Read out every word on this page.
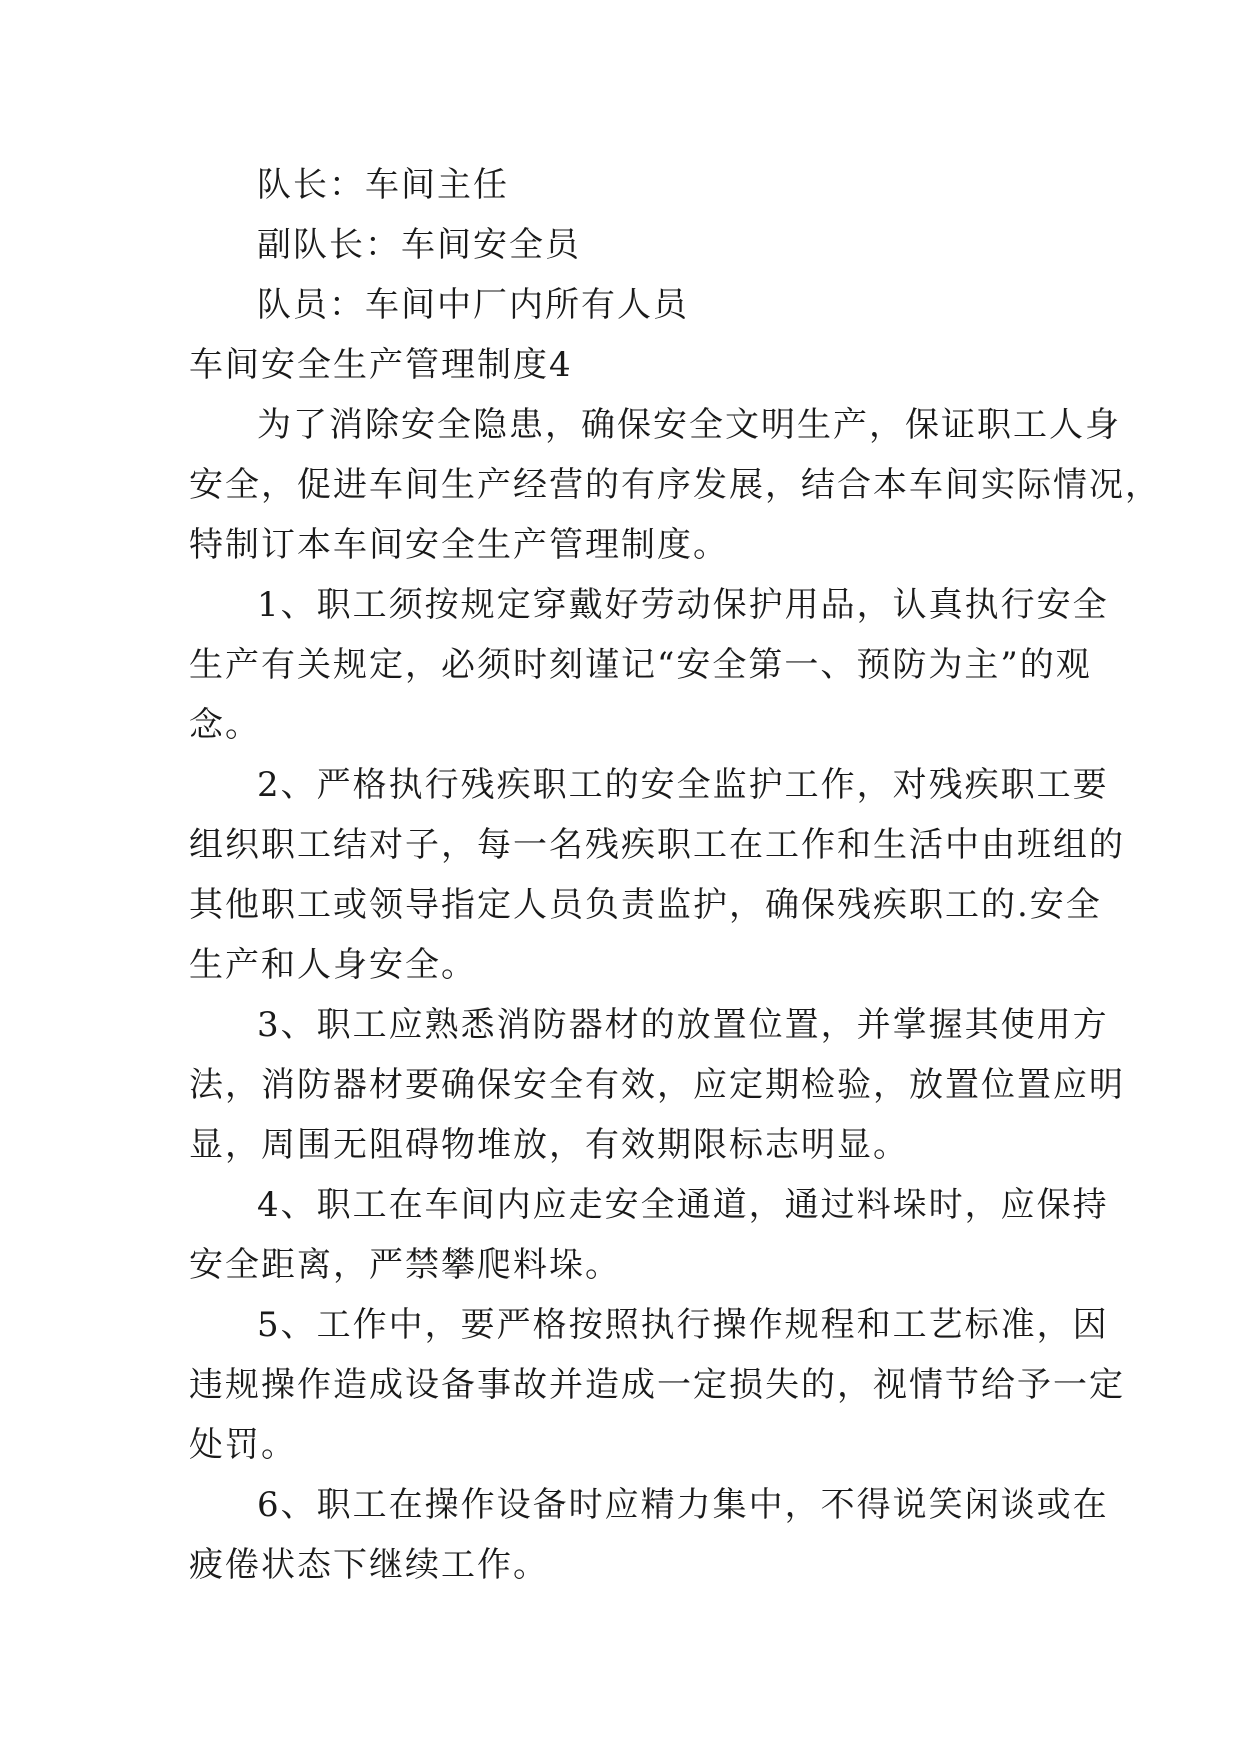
队长：车间主任
副队长：车间安全员
队员：车间中厂内所有人员
车间安全生产管理制度4
为了消除安全隐患，确保安全文明生产，保证职工人身
安全，促进车间生产经营的有序发展，结合本车间实际情况，
特制订本车间安全生产管理制度。
1、职工须按规定穿戴好劳动保护用品，认真执行安全
生产有关规定，必须时刻谨记“安全第一、预防为主”的观
念。
2、严格执行残疾职工的安全监护工作，对残疾职工要
组织职工结对子，每一名残疾职工在工作和生活中由班组的
其他职工或领导指定人员负责监护，确保残疾职工的.安全
生产和人身安全。
3、职工应熟悉消防器材的放置位置，并掌握其使用方
法，消防器材要确保安全有效，应定期检验，放置位置应明
显，周围无阻碍物堆放，有效期限标志明显。
4、职工在车间内应走安全通道，通过料垛时，应保持
安全距离，严禁攀爬料垛。
5、工作中，要严格按照执行操作规程和工艺标准，因
违规操作造成设备事故并造成一定损失的，视情节给予一定
处罚。
6、职工在操作设备时应精力集中，不得说笑闲谈或在
疲倦状态下继续工作。
